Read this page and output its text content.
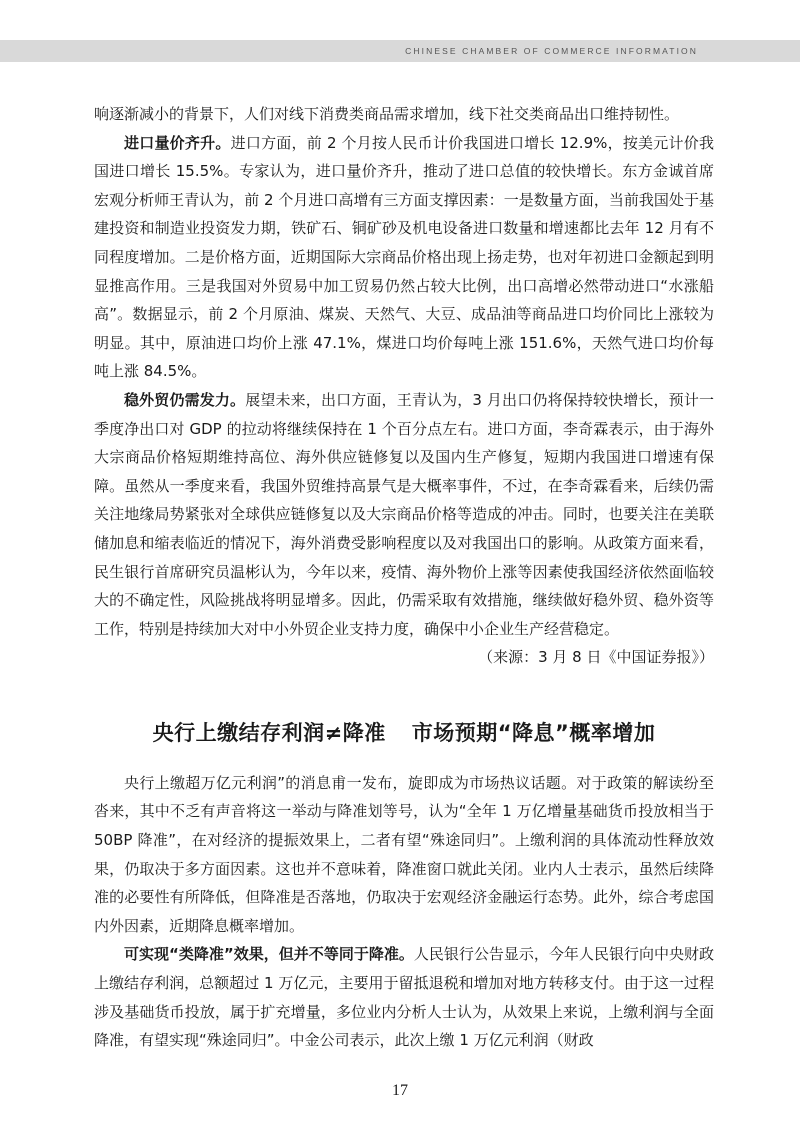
CHINESE CHAMBER OF COMMERCE INFORMATION

响逐渐减小的背景下，人们对线下消费类商品需求增加，线下社交类商品出口维持韧性。

进口量价齐升。进口方面，前 2 个月按人民币计价我国进口增长 12.9%，按美元计价我国进口增长 15.5%。专家认为，进口量价齐升，推动了进口总值的较快增长。东方金诚首席宏观分析师王青认为，前 2 个月进口高增有三方面支撑因素：一是数量方面，当前我国处于基建投资和制造业投资发力期，铁矿石、铜矿砂及机电设备进口数量和增速都比去年 12 月有不同程度增加。二是价格方面，近期国际大宗商品价格出现上扬走势，也对年初进口金额起到明显推高作用。三是我国对外贸易中加工贸易仍然占较大比例，出口高增必然带动进口“水涨船高”。数据显示，前 2 个月原油、煤炭、天然气、大豆、成品油等商品进口均价同比上涨较为明显。其中，原油进口均价上涨 47.1%，煤进口均价每吨上涨 151.6%，天然气进口均价每吨上涨 84.5%。

稳外贸仍需发力。展望未来，出口方面，王青认为，3 月出口仍将保持较快增长，预计一季度净出口对 GDP 的拉动将继续保持在 1 个百分点左右。进口方面，李奇霖表示，由于海外大宗商品价格短期维持高位、海外供应链修复以及国内生产修复，短期内我国进口增速有保障。虽然从一季度来看，我国外贸维持高景气是大概率事件，不过，在李奇霖看来，后续仍需关注地缘局势紧张对全球供应链修复以及大宗商品价格等造成的冲击。同时，也要关注在美联储加息和缩表临近的情况下，海外消费受影响程度以及对我国出口的影响。从政策方面来看，民生银行首席研究员温彬认为，今年以来，疫情、海外物价上涨等因素使我国经济依然面临较大的不确定性，风险挑战将明显增多。因此，仍需采取有效措施，继续做好稳外贸、稳外资等工作，特别是持续加大对中小外贸企业支持力度，确保中小企业生产经营稳定。

（来源：3 月 8 日《中国证券报》）

央行上缴结存利润≠降准 市场预期“降息”概率增加

央行上缴超万亿元利润”的消息甫一发布，旋即成为市场热议话题。对于政策的解读纷至沓来，其中不乏有声音将这一举动与降准划等号，认为“全年 1 万亿增量基础货币投放相当于 50BP 降准”，在对经济的提振效果上，二者有望“殊途同归”。上缴利润的具体流动性释放效果，仍取决于多方面因素。这也并不意味着，降准窗口就此关闭。业内人士表示，虽然后续降准的必要性有所降低，但降准是否落地，仍取决于宏观经济金融运行态势。此外，综合考虑国内外因素，近期降息概率增加。

可实现“类降准”效果，但并不等同于降准。人民银行公告显示，今年人民银行向中央财政上缴结存利润，总额超过 1 万亿元，主要用于留抵退税和增加对地方转移支付。由于这一过程涉及基础货币投放，属于扩充增量，多位业内分析人士认为，从效果上来说，上缴利润与全面降准，有望实现“殊途同归”。中金公司表示，此次上缴 1 万亿元利润（财政

17
